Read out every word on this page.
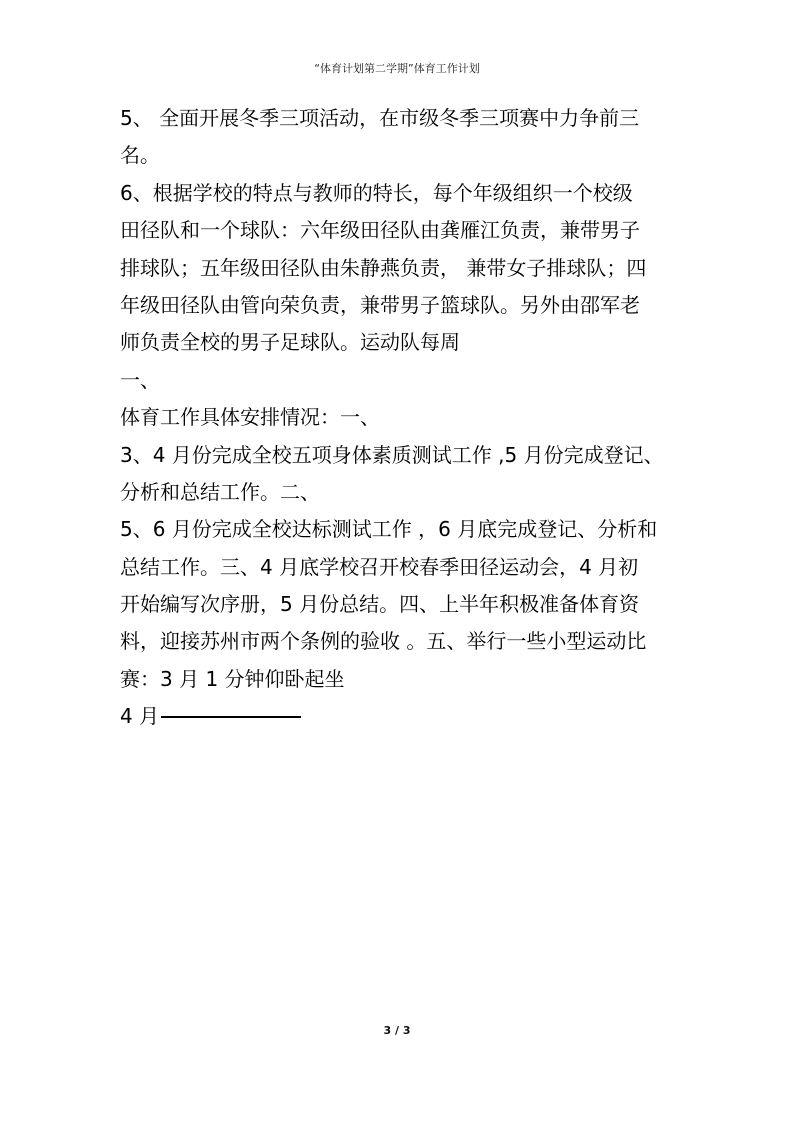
“体育计划第二学期”体育工作计划
5、 全面开展冬季三项活动，在市级冬季三项赛中力争前三
名。
6、根据学校的特点与教师的特长，每个年级组织一个校级
田径队和一个球队：六年级田径队由龚雁江负责，兼带男子
排球队；五年级田径队由朱静燕负责， 兼带女子排球队；四
年级田径队由管向荣负责，兼带男子篮球队。另外由邵军老
师负责全校的男子足球队。运动队每周
一、
体育工作具体安排情况：一、
3、4 月份完成全校五项身体素质测试工作 ,5 月份完成登记、
分析和总结工作。二、
5、6 月份完成全校达标测试工作 ，6 月底完成登记、分析和
总结工作。三、4 月底学校召开校春季田径运动会，4 月初
开始编写次序册，5 月份总结。四、上半年积极准备体育资
料，迎接苏州市两个条例的验收 。五、举行一些小型运动比
赛：3 月 1 分钟仰卧起坐
4 月
3 / 3
